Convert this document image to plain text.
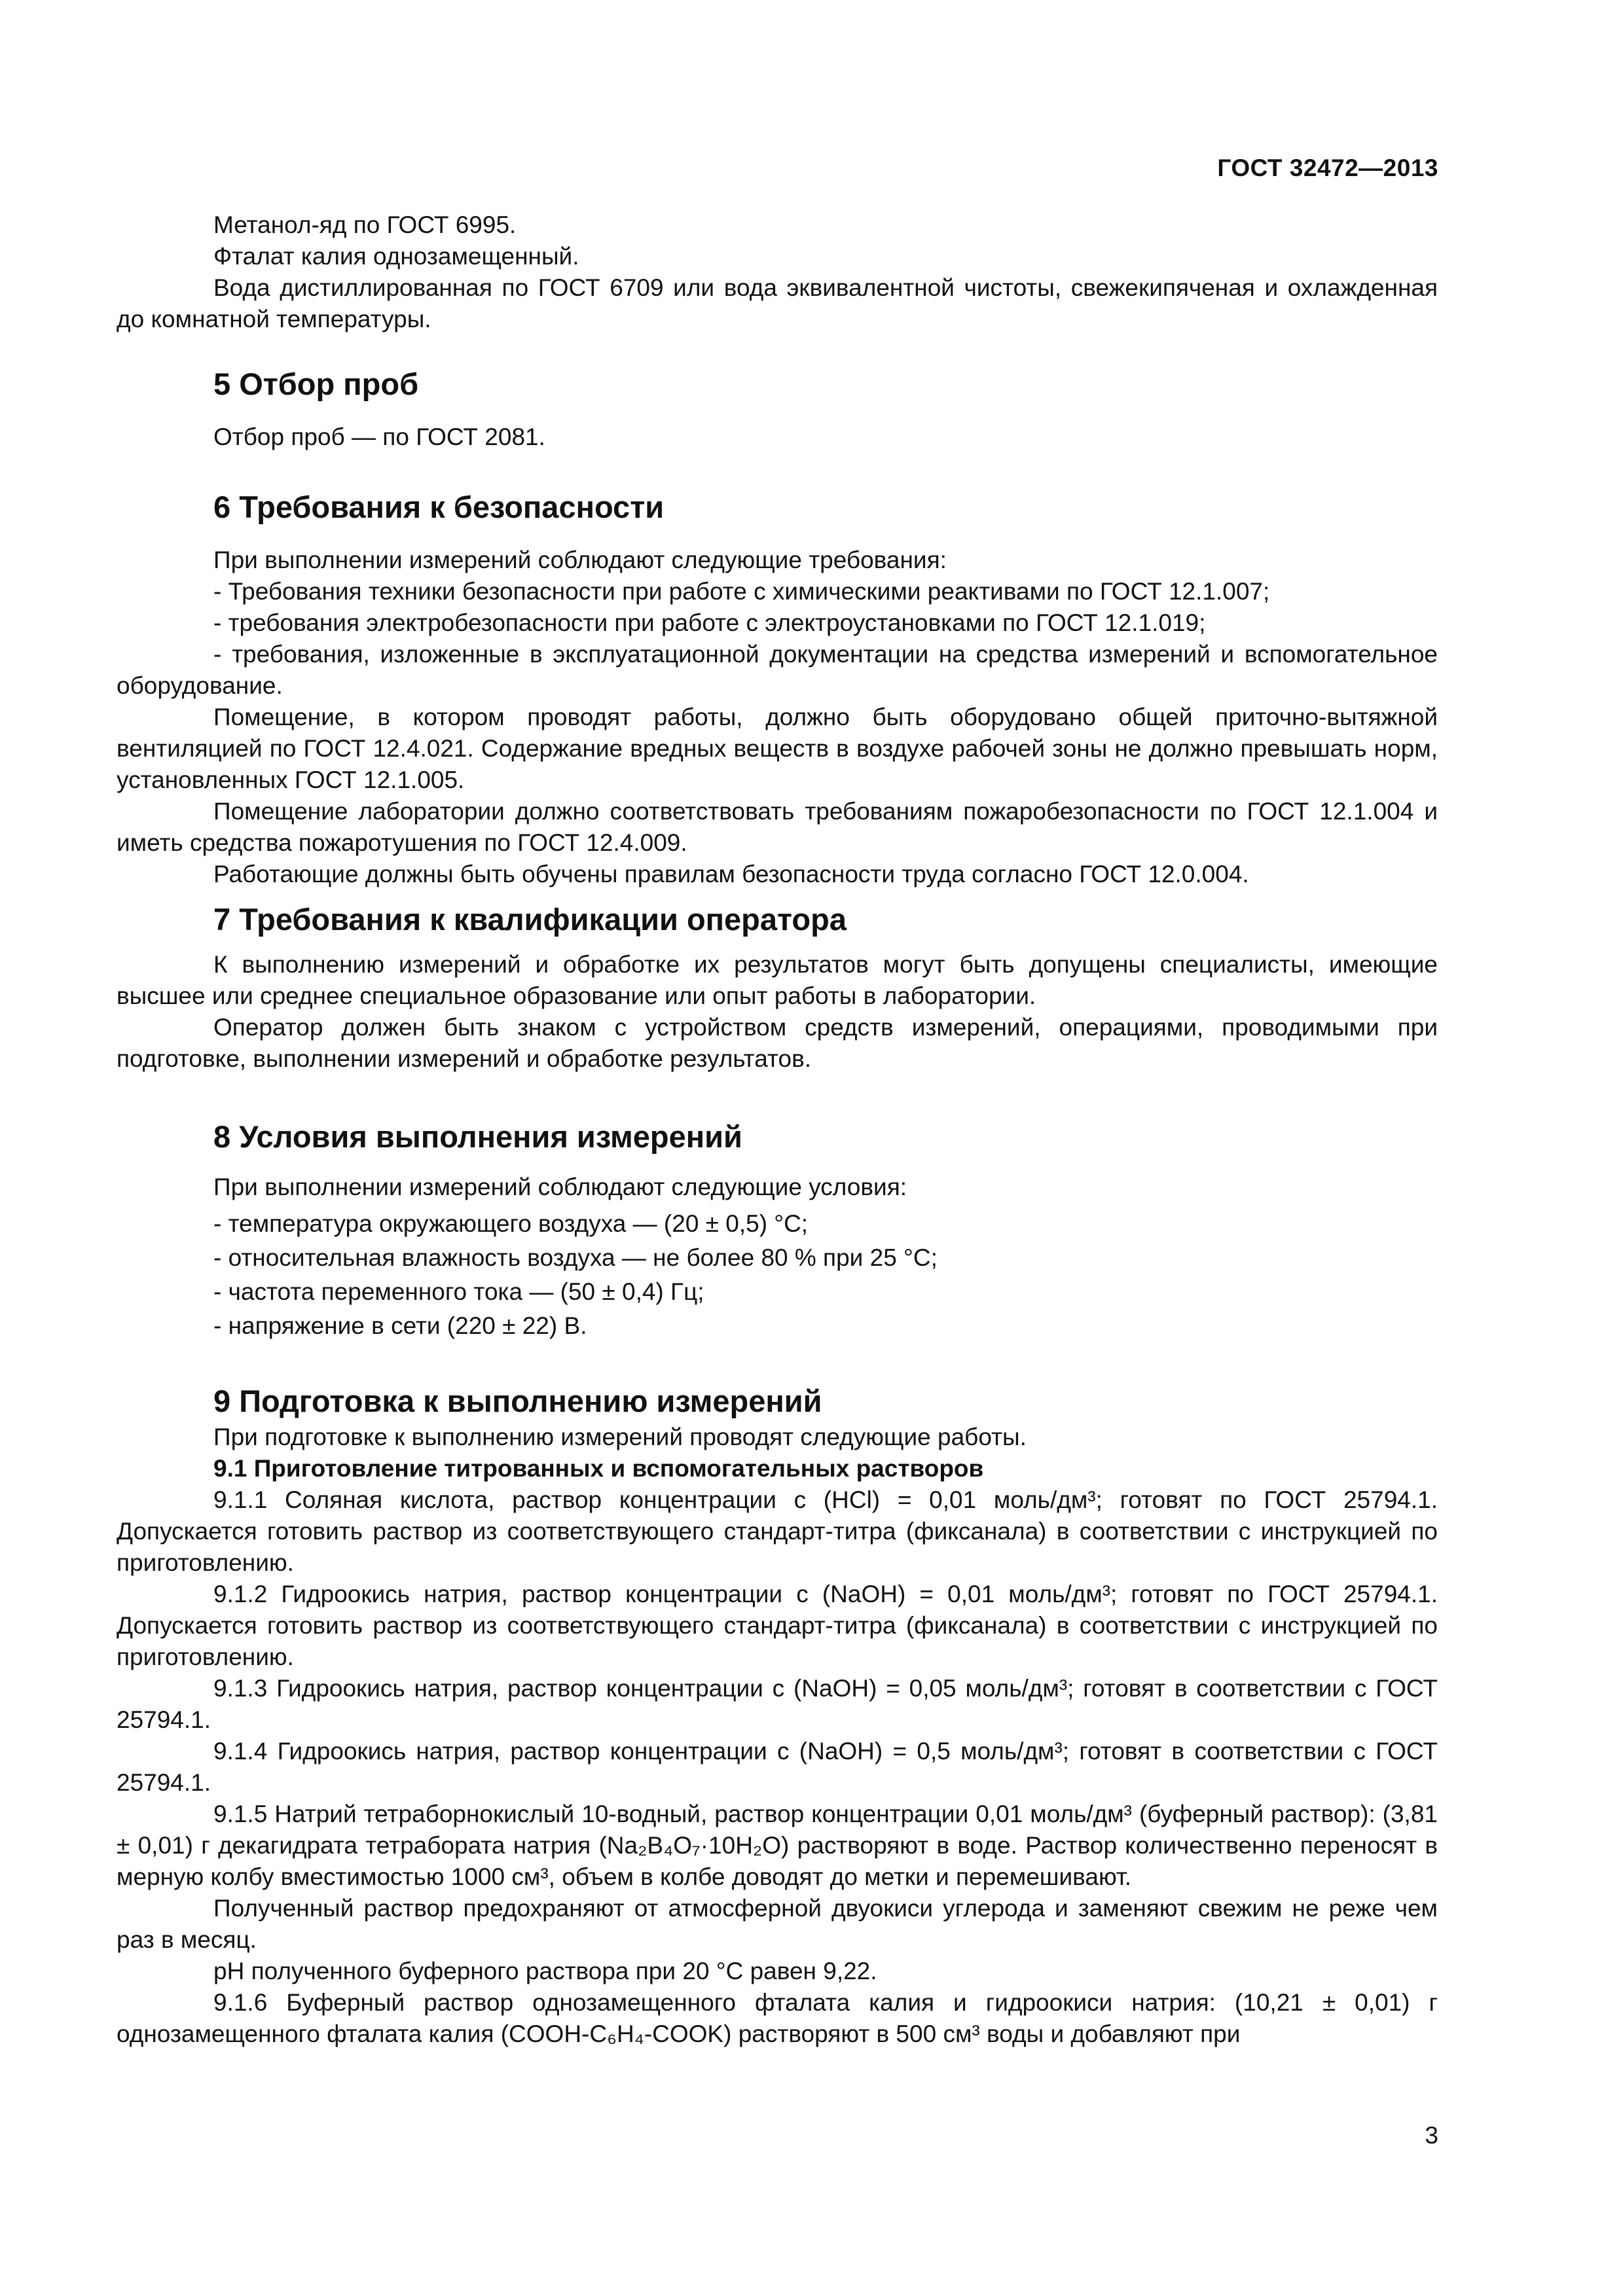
ГОСТ 32472—2013

Метанол-яд по ГОСТ 6995.

Фталат калия однозамещенный.

Вода дистиллированная по ГОСТ 6709 или вода эквивалентной чистоты, свежекипяченая и охлажденная до комнатной температуры.

5 Отбор проб

Отбор проб — по ГОСТ 2081.

6 Требования к безопасности

При выполнении измерений соблюдают следующие требования:

- Требования техники безопасности при работе с химическими реактивами по ГОСТ 12.1.007;

- требования электробезопасности при работе с электроустановками по ГОСТ 12.1.019;

- требования, изложенные в эксплуатационной документации на средства измерений и вспомогательное оборудование.

Помещение, в котором проводят работы, должно быть оборудовано общей приточно-вытяжной вентиляцией по ГОСТ 12.4.021. Содержание вредных веществ в воздухе рабочей зоны не должно превышать норм, установленных ГОСТ 12.1.005.

Помещение лаборатории должно соответствовать требованиям пожаробезопасности по ГОСТ 12.1.004 и иметь средства пожаротушения по ГОСТ 12.4.009.

Работающие должны быть обучены правилам безопасности труда согласно ГОСТ 12.0.004.

7 Требования к квалификации оператора

К выполнению измерений и обработке их результатов могут быть допущены специалисты, имеющие высшее или среднее специальное образование или опыт работы в лаборатории.

Оператор должен быть знаком с устройством средств измерений, операциями, проводимыми при подготовке, выполнении измерений и обработке результатов.

8 Условия выполнения измерений

При выполнении измерений соблюдают следующие условия:

- температура окружающего воздуха — (20 ± 0,5) °С;

- относительная влажность воздуха — не более 80 % при 25 °С;

- частота переменного тока — (50 ± 0,4) Гц;

- напряжение в сети (220 ± 22) В.

9 Подготовка к выполнению измерений

При подготовке к выполнению измерений проводят следующие работы.

9.1 Приготовление титрованных и вспомогательных растворов

9.1.1 Соляная кислота, раствор концентрации c (HCl) = 0,01 моль/дм³; готовят по ГОСТ 25794.1. Допускается готовить раствор из соответствующего стандарт-титра (фиксанала) в соответствии с инструкцией по приготовлению.

9.1.2 Гидроокись натрия, раствор концентрации c (NaOH) = 0,01 моль/дм³; готовят по ГОСТ 25794.1. Допускается готовить раствор из соответствующего стандарт-титра (фиксанала) в соответствии с инструкцией по приготовлению.

9.1.3 Гидроокись натрия, раствор концентрации c (NaOH) = 0,05 моль/дм³; готовят в соответствии с ГОСТ 25794.1.

9.1.4 Гидроокись натрия, раствор концентрации c (NaOH) = 0,5 моль/дм³; готовят в соответствии с ГОСТ 25794.1.

9.1.5 Натрий тетраборнокислый 10-водный, раствор концентрации 0,01 моль/дм³ (буферный раствор): (3,81 ± 0,01) г декагидрата тетрабората натрия (Na₂B₄O₇·10H₂O) растворяют в воде. Раствор количественно переносят в мерную колбу вместимостью 1000 см³, объем в колбе доводят до метки и перемешивают.

Полученный раствор предохраняют от атмосферной двуокиси углерода и заменяют свежим не реже чем раз в месяц.

pH полученного буферного раствора при 20 °С равен 9,22.

9.1.6 Буферный раствор однозамещенного фталата калия и гидроокиси натрия: (10,21 ± 0,01) г однозамещенного фталата калия (COOH-C₆H₄-COOK) растворяют в 500 см³ воды и добавляют при

3
